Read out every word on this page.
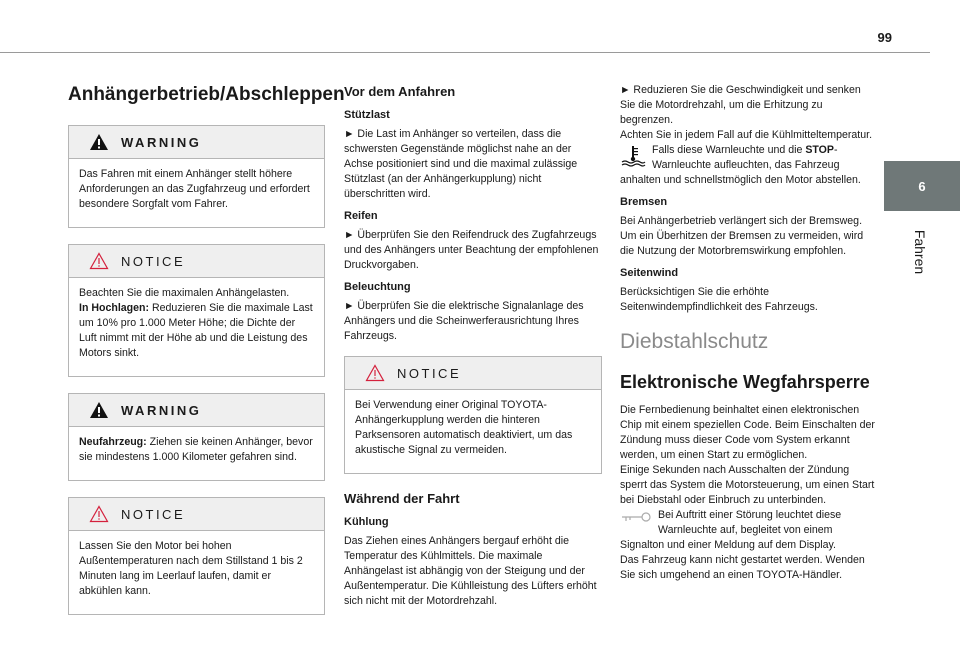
99
6
Fahren
Anhängerbetrieb/Abschleppen
WARNING

Das Fahren mit einem Anhänger stellt höhere Anforderungen an das Zugfahrzeug und erfordert besondere Sorgfalt vom Fahrer.

NOTICE

Beachten Sie die maximalen Anhängelasten.

In Hochlagen: Reduzieren Sie die maximale Last um 10% pro 1.000 Meter Höhe; die Dichte der Luft nimmt mit der Höhe ab und die Leistung des Motors sinkt.

WARNING

Neufahrzeug: Ziehen sie keinen Anhänger, bevor sie mindestens 1.000 Kilometer gefahren sind.

NOTICE

Lassen Sie den Motor bei hohen Außentemperaturen nach dem Stillstand 1 bis 2 Minuten lang im Leerlauf laufen, damit er abkühlen kann.

Vor dem Anfahren
Stützlast

► Die Last im Anhänger so verteilen, dass die schwersten Gegenstände möglichst nahe an der Achse positioniert sind und die maximal zulässige Stützlast (an der Anhängerkupplung) nicht überschritten wird.

Reifen

► Überprüfen Sie den Reifendruck des Zugfahrzeugs und des Anhängers unter Beachtung der empfohlenen Druckvorgaben.

Beleuchtung

► Überprüfen Sie die elektrische Signalanlage des Anhängers und die Scheinwerferausrichtung Ihres Fahrzeugs.

NOTICE

Bei Verwendung einer Original TOYOTA-Anhängerkupplung werden die hinteren Parksensoren automatisch deaktiviert, um das akustische Signal zu vermeiden.

Während der Fahrt
Kühlung

Das Ziehen eines Anhängers bergauf erhöht die Temperatur des Kühlmittels. Die maximale Anhängelast ist abhängig von der Steigung und der Außentemperatur. Die Kühlleistung des Lüfters erhöht sich nicht mit der Motordrehzahl.

► Reduzieren Sie die Geschwindigkeit und senken Sie die Motordrehzahl, um die Erhitzung zu begrenzen.

Achten Sie in jedem Fall auf die Kühlmitteltemperatur.

Falls diese Warnleuchte und die STOP-Warnleuchte aufleuchten, das Fahrzeug anhalten und schnellstmöglich den Motor abstellen.

Bremsen

Bei Anhängerbetrieb verlängert sich der Bremsweg. Um ein Überhitzen der Bremsen zu vermeiden, wird die Nutzung der Motorbremswirkung empfohlen.

Seitenwind

Berücksichtigen Sie die erhöhte Seitenwindempfindlichkeit des Fahrzeugs.

Diebstahlschutz
Elektronische Wegfahrsperre

Die Fernbedienung beinhaltet einen elektronischen Chip mit einem speziellen Code. Beim Einschalten der Zündung muss dieser Code vom System erkannt werden, um einen Start zu ermöglichen.

Einige Sekunden nach Ausschalten der Zündung sperrt das System die Motorsteuerung, um einen Start bei Diebstahl oder Einbruch zu unterbinden.

Bei Auftritt einer Störung leuchtet diese Warnleuchte auf, begleitet von einem Signalton und einer Meldung auf dem Display.

Das Fahrzeug kann nicht gestartet werden. Wenden Sie sich umgehend an einen TOYOTA-Händler.
